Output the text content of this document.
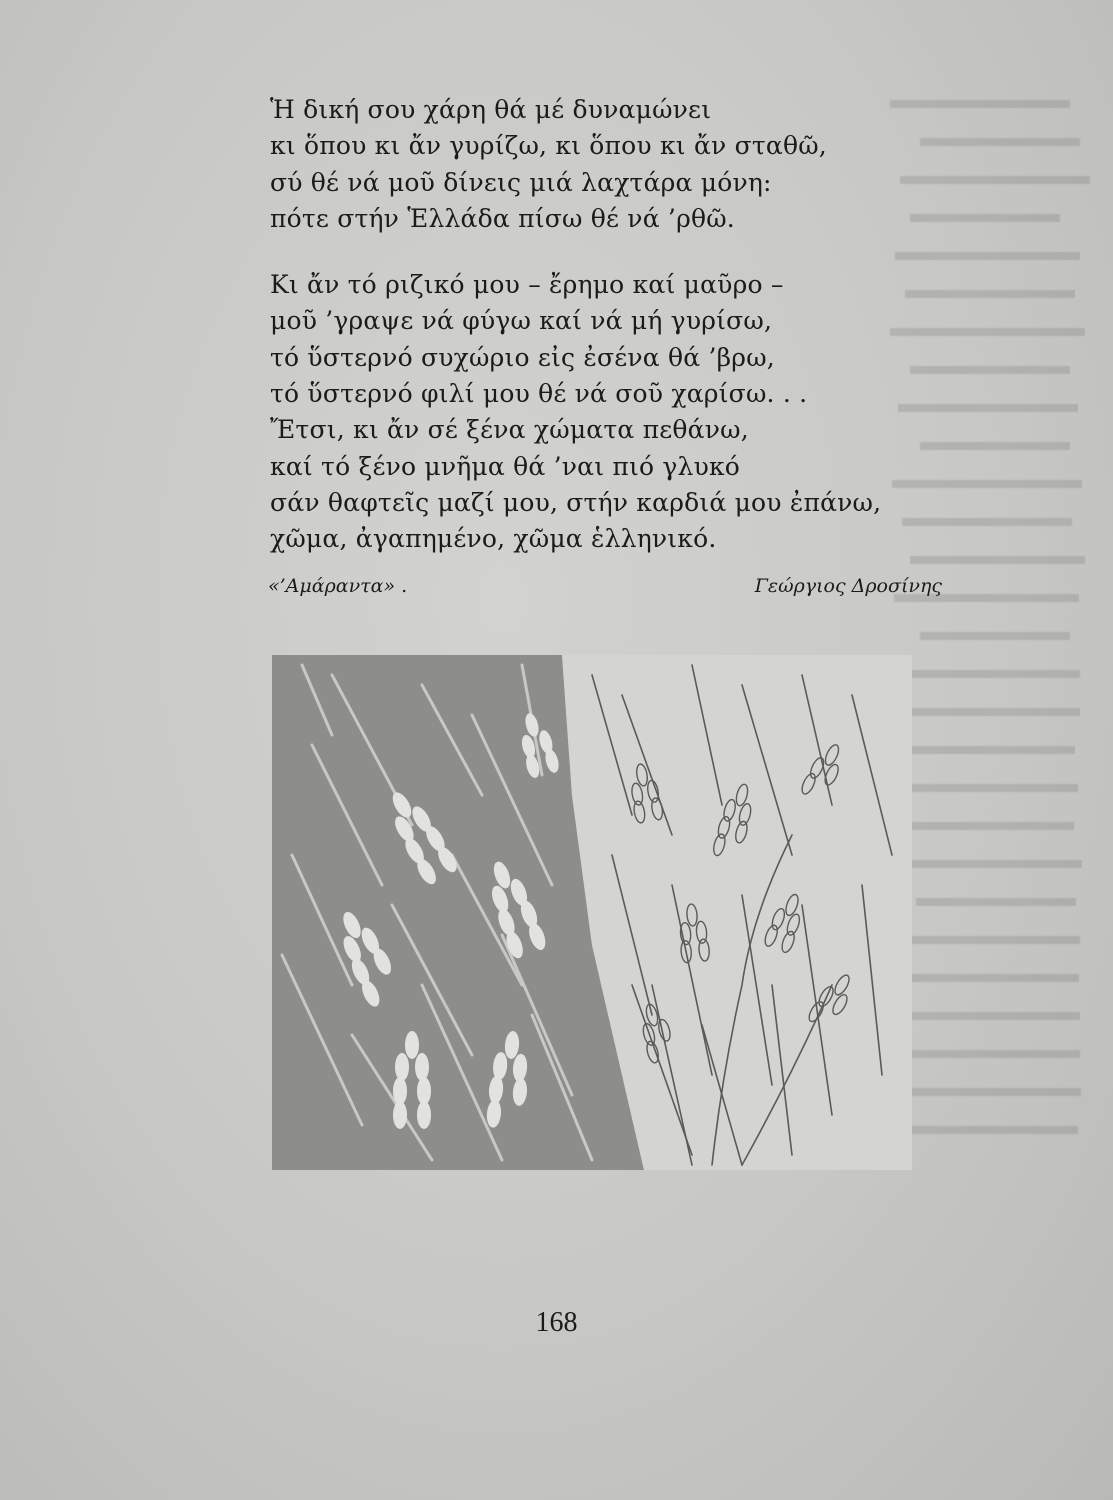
Ἡ δική σου χάρη θά μέ δυναμώνει
κι ὅπου κι ἄν γυρίζω, κι ὅπου κι ἄν σταθῶ,
σύ θέ νά μοῦ δίνεις μιά λαχτάρα μόνη:
πότε στήν Ἑλλάδα πίσω θέ νά ’ρθῶ.
Κι ἄν τό ριζικό μου – ἔρημο καί μαῦρο –
μοῦ ’γραψε νά φύγω καί νά μή γυρίσω,
τό ὕστερνό συχώριο εἰς ἐσένα θά ’βρω,
τό ὕστερνό φιλί μου θέ νά σοῦ χαρίσω. . .
Ἔτσι, κι ἄν σέ ξένα χώματα πεθάνω,
καί τό ξένο μνῆμα θά ’ναι πιό γλυκό
σάν θαφτεῖς μαζί μου, στήν καρδιά μου ἐπάνω,
χῶμα, ἀγαπημένο, χῶμα ἑλληνικό.
«’Αμάραντα» .	Γεώργιος Δροσίνης
168
